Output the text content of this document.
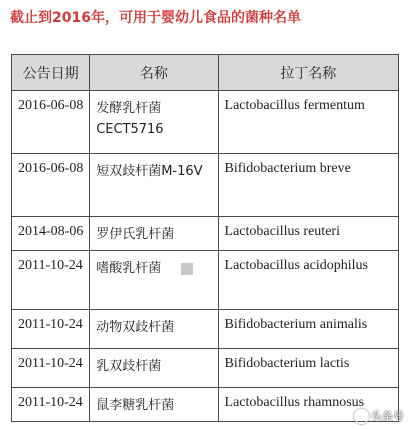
截止到2016年，可用于婴幼儿食品的菌种名单
公告日期	名称	拉丁名称
2016-06-08	发酵乳杆菌CECT5716	Lactobacillus fermentum
2016-06-08	短双歧杆菌M-16V	Bifidobacterium breve
2014-08-06	罗伊氏乳杆菌	Lactobacillus reuteri
2011-10-24	嗜酸乳杆菌	Lactobacillus acidophilus
2011-10-24	动物双歧杆菌	Bifidobacterium animalis
2011-10-24	乳双歧杆菌	Bifidobacterium lactis
2011-10-24	鼠李糖乳杆菌	Lactobacillus rhamnosus
头条号
